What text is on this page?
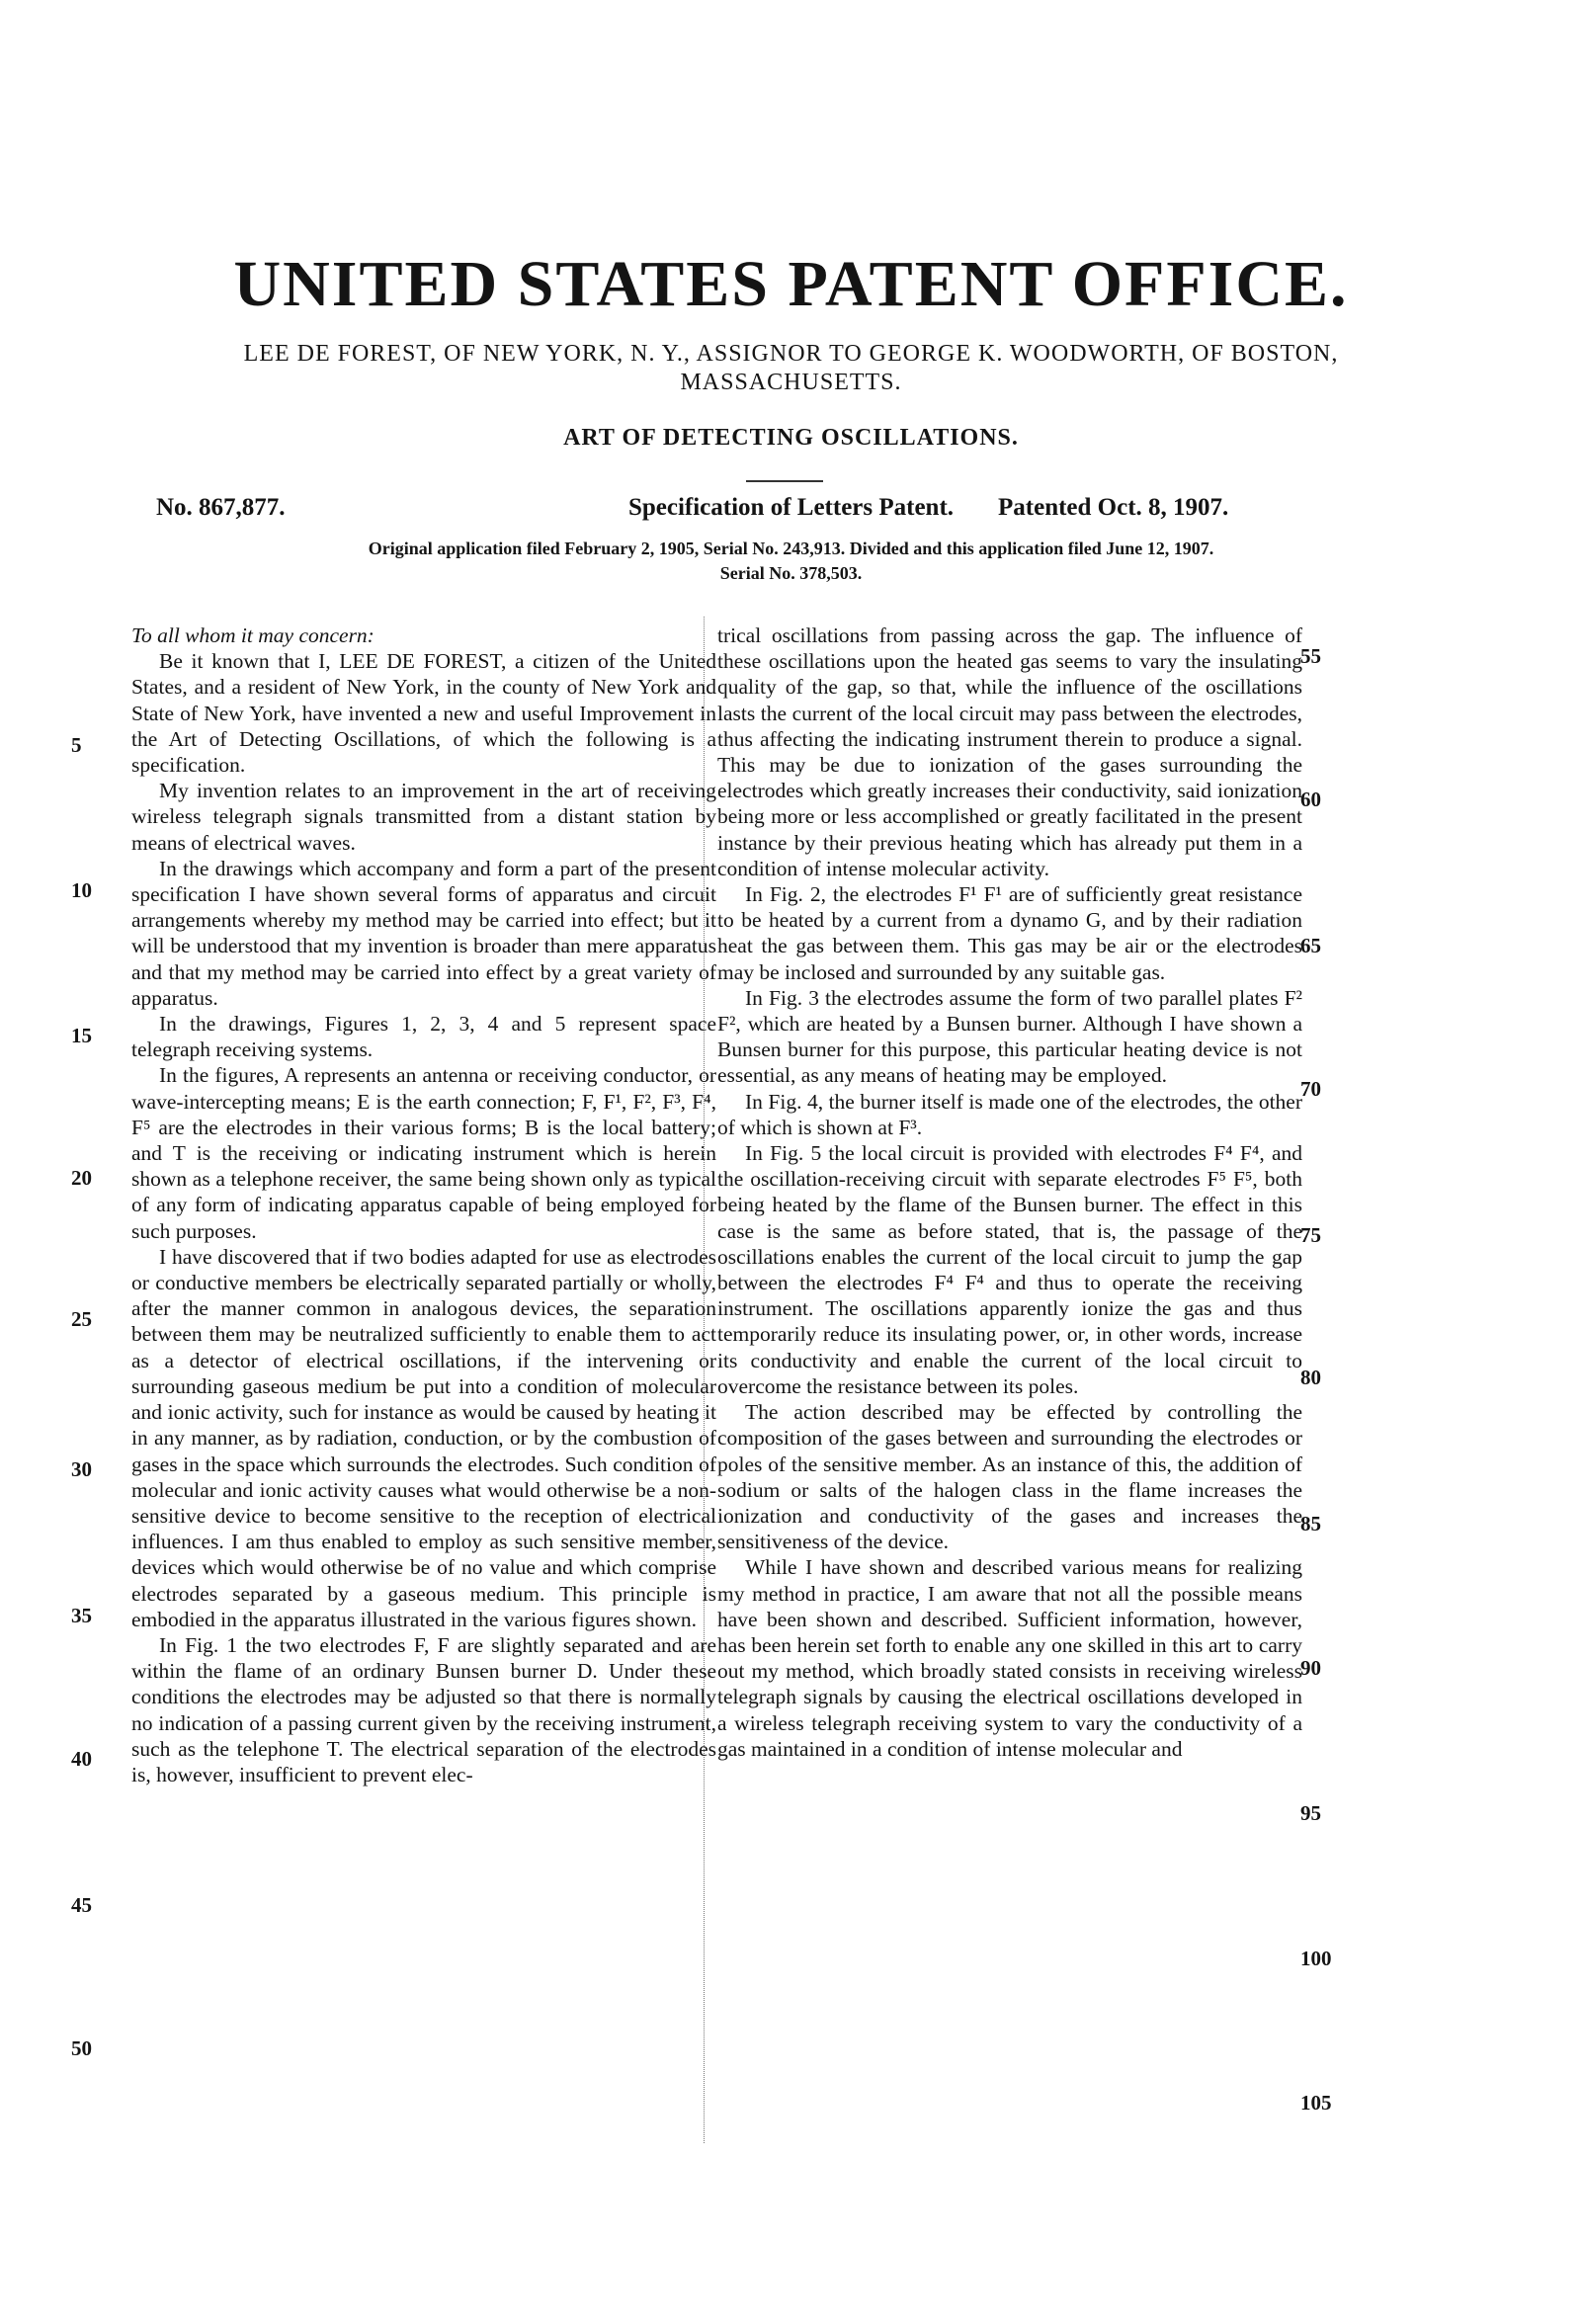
UNITED STATES PATENT OFFICE.
LEE DE FOREST, OF NEW YORK, N. Y., ASSIGNOR TO GEORGE K. WOODWORTH, OF BOSTON,
MASSACHUSETTS.
ART OF DETECTING OSCILLATIONS.
Specification of Letters Patent.
No. 867,877.	Patented Oct. 8, 1907.
Original application filed February 2, 1905, Serial No. 243,913. Divided and this application filed June 12, 1907.
Serial No. 378,503.

To all whom it may concern:

Be it known that I, LEE DE FOREST, a citizen of the United States, and a resident of New York, in the county of New York and State of New York, have invented a new and useful Improvement in the Art of Detecting Oscillations, of which the following is a specification.

My invention relates to an improvement in the art of receiving wireless telegraph signals transmitted from a distant station by means of electrical waves.

In the drawings which accompany and form a part of the present specification I have shown several forms of apparatus and circuit arrangements whereby my method may be carried into effect; but it will be understood that my invention is broader than mere apparatus and that my method may be carried into effect by a great variety of apparatus.

In the drawings, Figures 1, 2, 3, 4 and 5 represent space telegraph receiving systems.

In the figures, A represents an antenna or receiving conductor, or wave-intercepting means; E is the earth connection; F, F¹, F², F³, F⁴, F⁵ are the electrodes in their various forms; B is the local battery; and T is the receiving or indicating instrument which is herein shown as a telephone receiver, the same being shown only as typical of any form of indicating apparatus capable of being employed for such purposes.

I have discovered that if two bodies adapted for use as electrodes or conductive members be electrically separated partially or wholly, after the manner common in analogous devices, the separation between them may be neutralized sufficiently to enable them to act as a detector of electrical oscillations, if the intervening or surrounding gaseous medium be put into a condition of molecular and ionic activity, such for instance as would be caused by heating it in any manner, as by radiation, conduction, or by the combustion of gases in the space which surrounds the electrodes. Such condition of molecular and ionic activity causes what would otherwise be a non-sensitive device to become sensitive to the reception of electrical influences. I am thus enabled to employ as such sensitive member, devices which would otherwise be of no value and which comprise electrodes separated by a gaseous medium. This principle is embodied in the apparatus illustrated in the various figures shown.

In Fig. 1 the two electrodes F, F are slightly separated and are within the flame of an ordinary Bunsen burner D. Under these conditions the electrodes may be adjusted so that there is normally no indication of a passing current given by the receiving instrument, such as the telephone T. The electrical separation of the electrodes is, however, insufficient to prevent elec-

trical oscillations from passing across the gap. The influence of these oscillations upon the heated gas seems to vary the insulating quality of the gap, so that, while the influence of the oscillations lasts the current of the local circuit may pass between the electrodes, thus affecting the indicating instrument therein to produce a signal. This may be due to ionization of the gases surrounding the electrodes which greatly increases their conductivity, said ionization being more or less accomplished or greatly facilitated in the present instance by their previous heating which has already put them in a condition of intense molecular activity.

In Fig. 2, the electrodes F¹ F¹ are of sufficiently great resistance to be heated by a current from a dynamo G, and by their radiation heat the gas between them. This gas may be air or the electrodes may be inclosed and surrounded by any suitable gas.

In Fig. 3 the electrodes assume the form of two parallel plates F² F², which are heated by a Bunsen burner. Although I have shown a Bunsen burner for this purpose, this particular heating device is not essential, as any means of heating may be employed.

In Fig. 4, the burner itself is made one of the electrodes, the other of which is shown at F³.

In Fig. 5 the local circuit is provided with electrodes F⁴ F⁴, and the oscillation-receiving circuit with separate electrodes F⁵ F⁵, both being heated by the flame of the Bunsen burner. The effect in this case is the same as before stated, that is, the passage of the oscillations enables the current of the local circuit to jump the gap between the electrodes F⁴ F⁴ and thus to operate the receiving instrument. The oscillations apparently ionize the gas and thus temporarily reduce its insulating power, or, in other words, increase its conductivity and enable the current of the local circuit to overcome the resistance between its poles.

The action described may be effected by controlling the composition of the gases between and surrounding the electrodes or poles of the sensitive member. As an instance of this, the addition of sodium or salts of the halogen class in the flame increases the ionization and conductivity of the gases and increases the sensitiveness of the device.

While I have shown and described various means for realizing my method in practice, I am aware that not all the possible means have been shown and described. Sufficient information, however, has been herein set forth to enable any one skilled in this art to carry out my method, which broadly stated consists in receiving wireless telegraph signals by causing the electrical oscillations developed in a wireless telegraph receiving system to vary the conductivity of a gas maintained in a condition of intense molecular and

5
10
15
20
25
30
35
40
45
50
55
60
65
70
75
80
85
90
95
100
105
